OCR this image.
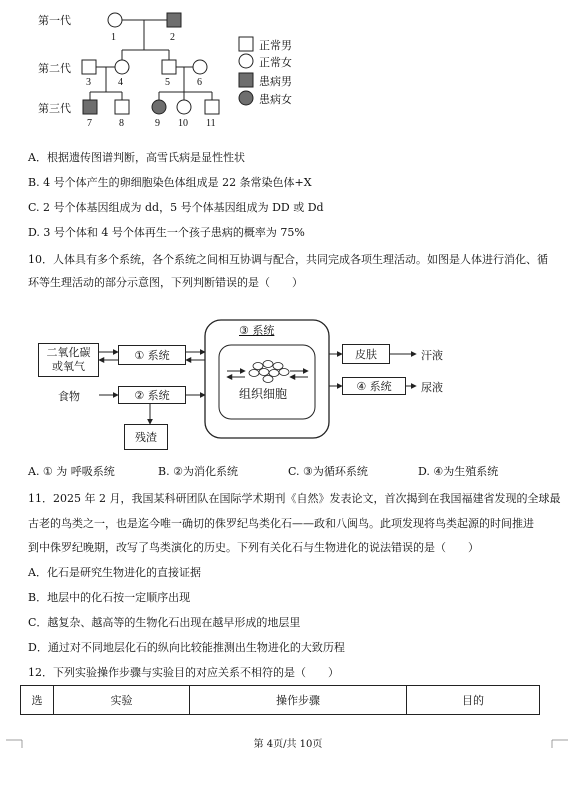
第一代
第二代
第三代
1	2
3	4	5	6
7	8	9 10 11
正常男
正常女
患病男
患病女
A．根据遗传图谱判断，高雪氏病是显性性状
B. 4 号个体产生的卵细胞染色体组成是 22 条常染色体+X
C. 2 号个体基因组成为 dd，5 号个体基因组成为 DD 或 Dd
D. 3 号个体和 4 号个体再生一个孩子患病的概率为 75%
10．人体具有多个系统，各个系统之间相互协调与配合，共同完成各项生理活动。如图是人体进行消化、循
环等生理活动的部分示意图，下列判断错误的是（　　）
二氧化碳
或氧气
食物
① 系统
② 系统
残渣
③ 系统
组织细胞
皮肤	汗液
④ 系统	尿液
A. ① 为 呼吸系统	B. ②为消化系统	C. ③为循环系统	D. ④为生殖系统
11．2025 年 2 月，我国某科研团队在国际学术期刊《自然》发表论文，首次揭到在我国福建省发现的全球最
古老的鸟类之一，也是迄今唯一确切的侏罗纪鸟类化石——政和八闽鸟。此项发现将鸟类起源的时间推进
到中侏罗纪晚期，改写了鸟类演化的历史。下列有关化石与生物进化的说法错误的是（　　）
A．化石是研究生物进化的直接证据
B．地层中的化石按一定顺序出现
C．越复杂、越高等的生物化石出现在越早形成的地层里
D．通过对不同地层化石的纵向比较能推测出生物进化的大致历程
12．下列实验操作步骤与实验目的对应关系不相符的是（　　）
选	实验	操作步骤	目的
第 4页/共 10页
